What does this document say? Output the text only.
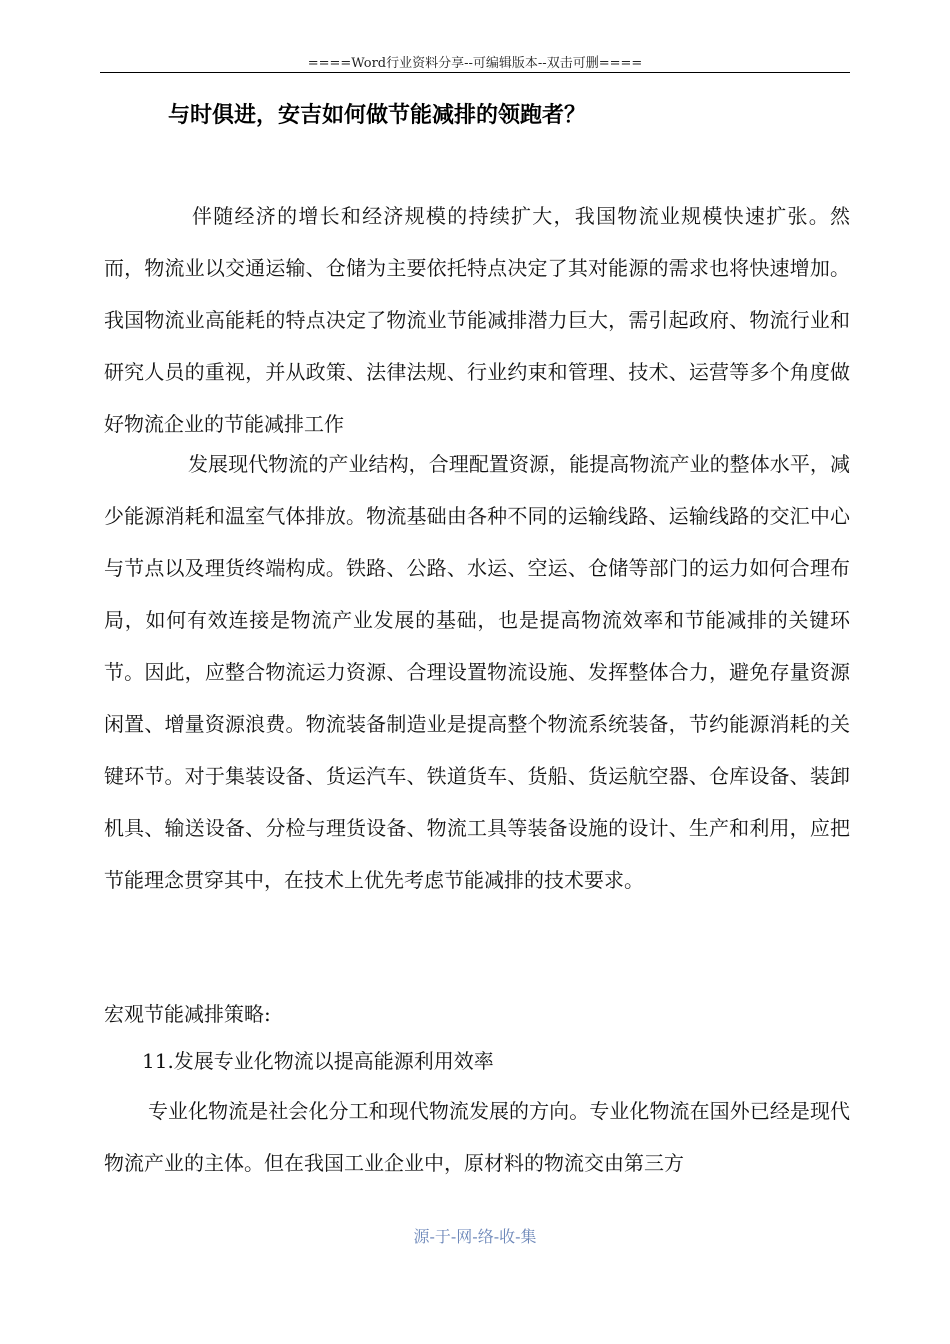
====Word行业资料分享--可编辑版本--双击可删====
与时俱进，安吉如何做节能减排的领跑者？

伴随经济的增长和经济规模的持续扩大，我国物流业规模快速扩张。然而，物流业以交通运输、仓储为主要依托特点决定了其对能源的需求也将快速增加。我国物流业高能耗的特点决定了物流业节能减排潜力巨大，需引起政府、物流行业和研究人员的重视，并从政策、法律法规、行业约束和管理、技术、运营等多个角度做好物流企业的节能减排工作

发展现代物流的产业结构，合理配置资源，能提高物流产业的整体水平，减少能源消耗和温室气体排放。物流基础由各种不同的运输线路、运输线路的交汇中心与节点以及理货终端构成。铁路、公路、水运、空运、仓储等部门的运力如何合理布局，如何有效连接是物流产业发展的基础，也是提高物流效率和节能减排的关键环节。因此，应整合物流运力资源、合理设置物流设施、发挥整体合力，避免存量资源闲置、增量资源浪费。物流装备制造业是提高整个物流系统装备，节约能源消耗的关键环节。对于集装设备、货运汽车、铁道货车、货船、货运航空器、仓库设备、装卸机具、输送设备、分检与理货设备、物流工具等装备设施的设计、生产和利用，应把节能理念贯穿其中，在技术上优先考虑节能减排的技术要求。

宏观节能减排策略:
11.发展专业化物流以提高能源利用效率

专业化物流是社会化分工和现代物流发展的方向。专业化物流在国外已经是现代物流产业的主体。但在我国工业企业中，原材料的物流交由第三方

源-于-网-络-收-集
